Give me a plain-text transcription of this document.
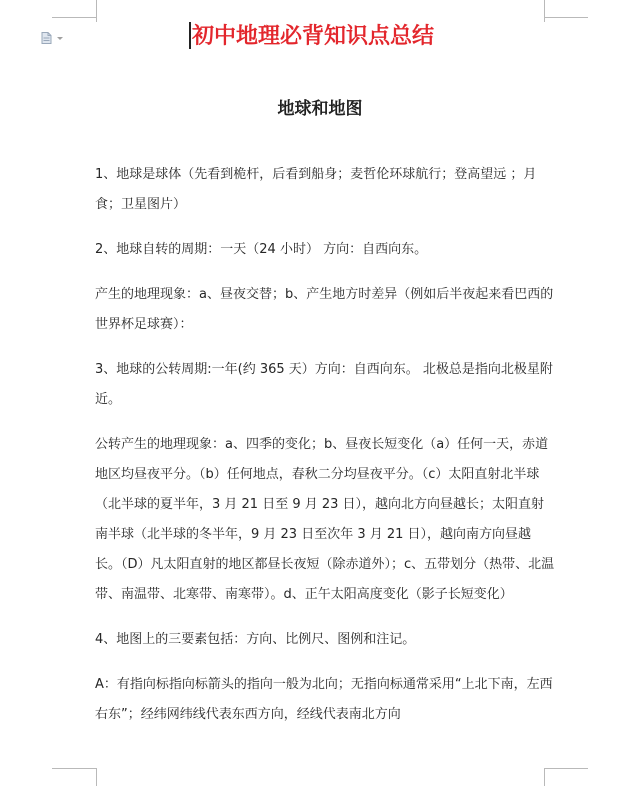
初中地理必背知识点总结
地球和地图

1、地球是球体（先看到桅杆，后看到船身；麦哲伦环球航行；登高望远 ；月食；卫星图片）

2、地球自转的周期：一天（24 小时） 方向：自西向东。

产生的地理现象：a、昼夜交替；b、产生地方时差异（例如后半夜起来看巴西的世界杯足球赛）：

3、地球的公转周期:一年(约 365 天）方向：自西向东。 北极总是指向北极星附近。

公转产生的地理现象：a、四季的变化；b、昼夜长短变化（a）任何一天，赤道地区均昼夜平分。（b）任何地点，春秋二分均昼夜平分。（c）太阳直射北半球（北半球的夏半年，3 月 21 日至 9 月 23 日），越向北方向昼越长；太阳直射南半球（北半球的冬半年，9 月 23 日至次年 3 月 21 日），越向南方向昼越长。（D）凡太阳直射的地区都昼长夜短（除赤道外）；c、五带划分（热带、北温带、南温带、北寒带、南寒带）。d、正午太阳高度变化（影子长短变化）

4、地图上的三要素包括：方向、比例尺、图例和注记。

A：有指向标指向标箭头的指向一般为北向；无指向标通常采用“上北下南，左西右东”；经纬网纬线代表东西方向，经线代表南北方向
